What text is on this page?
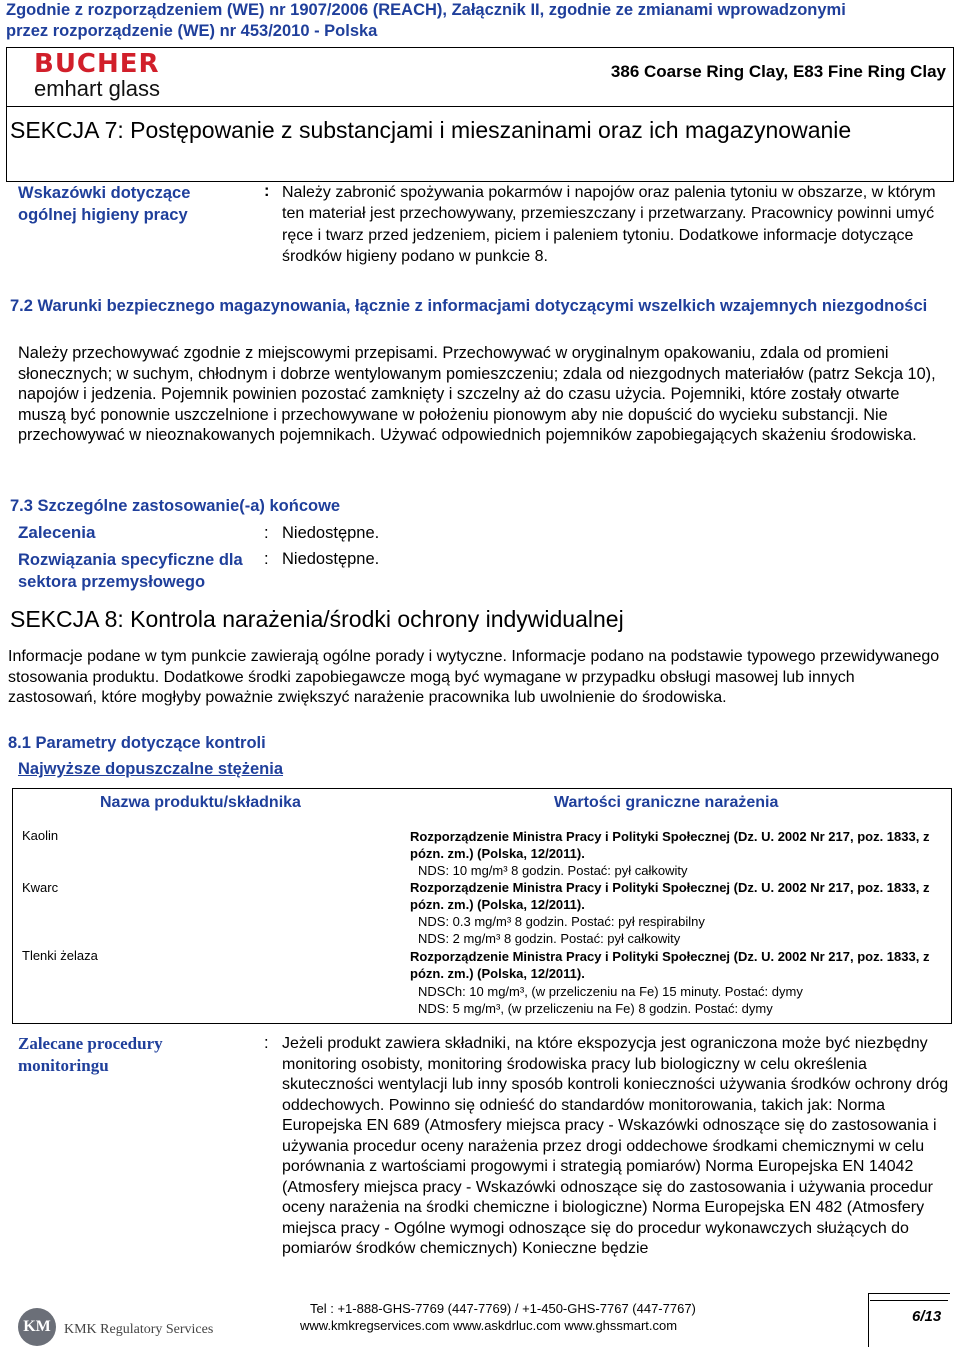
Zgodnie z rozporządzeniem (WE) nr 1907/2006 (REACH), Załącznik II, zgodnie ze zmianami wprowadzonymi
przez rozporządzenie (WE) nr 453/2010 - Polska
BUCHER
emhart glass
386 Coarse Ring Clay, E83 Fine Ring Clay
SEKCJA 7: Postępowanie z substancjami i mieszaninami oraz ich magazynowanie
Wskazówki dotyczące ogólnej higieny pracy
: Należy zabronić spożywania pokarmów i napojów oraz palenia tytoniu w obszarze, w którym ten materiał jest przechowywany, przemieszczany i przetwarzany. Pracownicy powinni umyć ręce i twarz przed jedzeniem, piciem i paleniem tytoniu. Dodatkowe informacje dotyczące środków higieny podano w punkcie 8.
7.2 Warunki bezpiecznego magazynowania, łącznie z informacjami dotyczącymi wszelkich wzajemnych niezgodności
Należy przechowywać zgodnie z miejscowymi przepisami. Przechowywać w oryginalnym opakowaniu, zdala od promieni słonecznych; w suchym, chłodnym i dobrze wentylowanym pomieszczeniu; zdala od niezgodnych materiałów (patrz Sekcja 10), napojów i jedzenia. Pojemnik powinien pozostać zamknięty i szczelny aż do czasu użycia. Pojemniki, które zostały otwarte muszą być ponownie uszczelnione i przechowywane w położeniu pionowym aby nie dopuścić do wycieku substancji. Nie przechowywać w nieoznakowanych pojemnikach. Używać odpowiednich pojemników zapobiegających skażeniu środowiska.
7.3 Szczególne zastosowanie(-a) końcowe
Zalecenia	: Niedostępne.
Rozwiązania specyficzne dla sektora przemysłowego
: Niedostępne.
SEKCJA 8: Kontrola narażenia/środki ochrony indywidualnej
Informacje podane w tym punkcie zawierają ogólne porady i wytyczne. Informacje podano na podstawie typowego przewidywanego stosowania produktu. Dodatkowe środki zapobiegawcze mogą być wymagane w przypadku obsługi masowej lub innych zastosowań, które mogłyby poważnie zwiększyć narażenie pracownika lub uwolnienie do środowiska.
8.1 Parametry dotyczące kontroli
Najwyższe dopuszczalne stężenia
Nazwa produktu/składnika	Wartości graniczne narażenia
Kaolin	Rozporządzenie Ministra Pracy i Polityki Społecznej (Dz. U. 2002 Nr 217, poz. 1833, z pózn. zm.) (Polska, 12/2011).
NDS: 10 mg/m³ 8 godzin. Postać: pył całkowity
Kwarc	Rozporządzenie Ministra Pracy i Polityki Społecznej (Dz. U. 2002 Nr 217, poz. 1833, z pózn. zm.) (Polska, 12/2011).
NDS: 0.3 mg/m³ 8 godzin. Postać: pył respirabilny
NDS: 2 mg/m³ 8 godzin. Postać: pył całkowity
Tlenki żelaza	Rozporządzenie Ministra Pracy i Polityki Społecznej (Dz. U. 2002 Nr 217, poz. 1833, z pózn. zm.) (Polska, 12/2011).
NDSCh: 10 mg/m³, (w przeliczeniu na Fe) 15 minuty. Postać: dymy
NDS: 5 mg/m³, (w przeliczeniu na Fe) 8 godzin. Postać: dymy
Zalecane procedury monitoringu
: Jeżeli produkt zawiera składniki, na które ekspozycja jest ograniczona może być niezbędny monitoring osobisty, monitoring środowiska pracy lub biologiczny w celu określenia skuteczności wentylacji lub inny sposób kontroli konieczności używania środków ochrony dróg oddechowych. Powinno się odnieść do standardów monitorowania, takich jak: Norma Europejska EN 689 (Atmosfery miejsca pracy - Wskazówki odnoszące się do zastosowania i używania procedur oceny narażenia przez drogi oddechowe środkami chemicznymi w celu porównania z wartościami progowymi i strategią pomiarów) Norma Europejska EN 14042 (Atmosfery miejsca pracy - Wskazówki odnoszące się do zastosowania i używania procedur oceny narażenia na środki chemiczne i biologiczne) Norma Europejska EN 482 (Atmosfery miejsca pracy - Ogólne wymogi odnoszące się do procedur wykonawczych służących do pomiarów środków chemicznych) Konieczne będzie
KM KMK Regulatory Services
Tel : +1-888-GHS-7769 (447-7769) / +1-450-GHS-7767 (447-7767)
www.kmkregservices.com www.askdrluc.com www.ghssmart.com
6/13
